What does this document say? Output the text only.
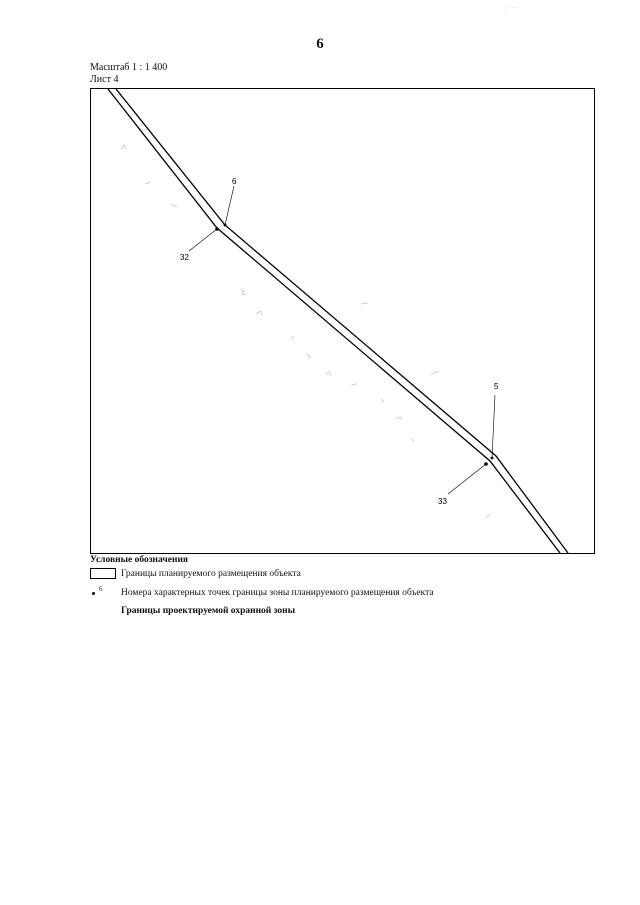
. · ··
6
Масштаб 1 : 1 400
Лист 4
32
33
6
5
Условные обозначения
Границы планируемого размещения объекта
6 Номера характерных точек границы зоны планируемого размещения объекта
Границы проектируемой охранной зоны
